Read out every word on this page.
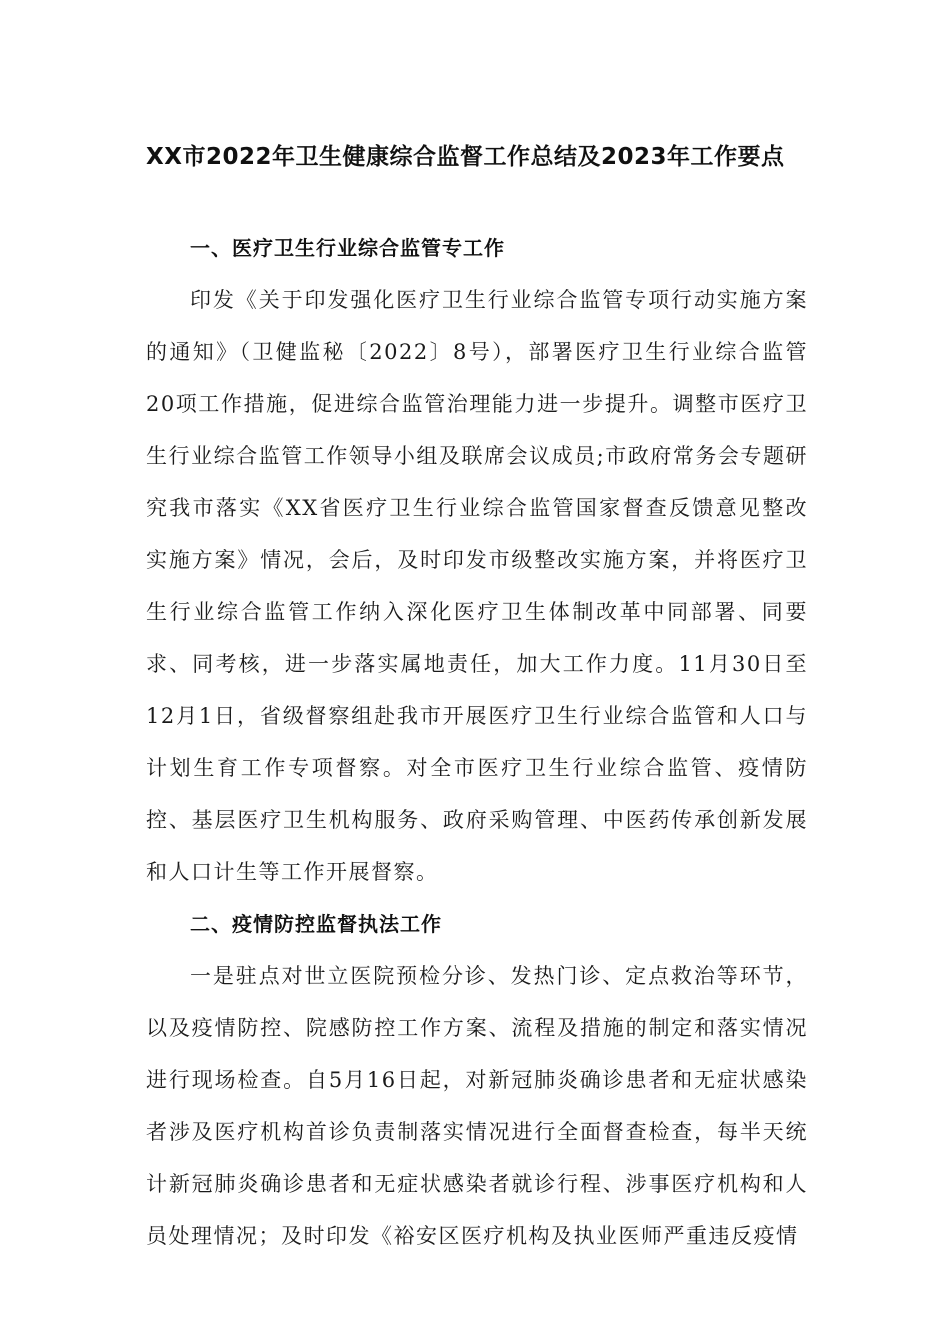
XX市2022年卫生健康综合监督工作总结及2023年工作要点
一、医疗卫生行业综合监管专工作

印发《关于印发强化医疗卫生行业综合监管专项行动实施方案的通知》（卫健监秘〔2022〕8号），部署医疗卫生行业综合监管20项工作措施，促进综合监管治理能力进一步提升。调整市医疗卫生行业综合监管工作领导小组及联席会议成员;市政府常务会专题研究我市落实《XX省医疗卫生行业综合监管国家督查反馈意见整改实施方案》情况，会后，及时印发市级整改实施方案，并将医疗卫生行业综合监管工作纳入深化医疗卫生体制改革中同部署、同要求、同考核，进一步落实属地责任，加大工作力度。11月30日至12月1日，省级督察组赴我市开展医疗卫生行业综合监管和人口与计划生育工作专项督察。对全市医疗卫生行业综合监管、疫情防控、基层医疗卫生机构服务、政府采购管理、中医药传承创新发展和人口计生等工作开展督察。

二、疫情防控监督执法工作

一是驻点对世立医院预检分诊、发热门诊、定点救治等环节，以及疫情防控、院感防控工作方案、流程及措施的制定和落实情况进行现场检查。自5月16日起，对新冠肺炎确诊患者和无症状感染者涉及医疗机构首诊负责制落实情况进行全面督查检查，每半天统计新冠肺炎确诊患者和无症状感染者就诊行程、涉事医疗机构和人员处理情况；及时印发《裕安区医疗机构及执业医师严重违反疫情
